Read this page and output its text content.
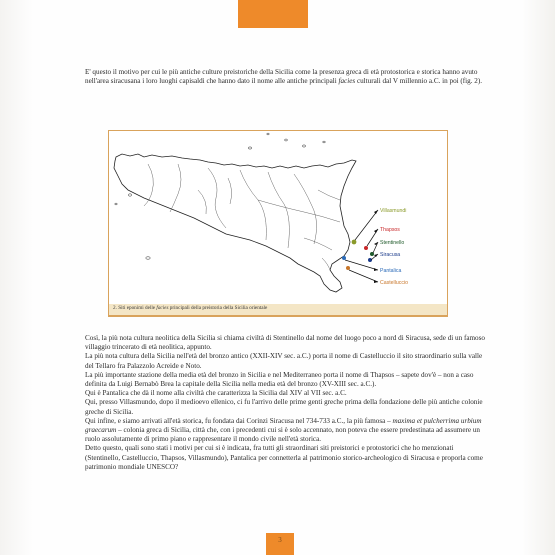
3

E' questo il motivo per cui le più antiche culture preistoriche della Sicilia come la presenza greca di età protostorica e storica hanno avuto nell'area siracusana i loro luoghi capisaldi che hanno dato il nome alle antiche principali facies culturali dal V millennio a.C. in poi (fig. 2).

Villasmundi
Thapsos
Stentinello
Siracusa
Pantalica
Castelluccio
2. Siti eponimi delle facies principali della preistoria della Sicilia orientale
Così, la più nota cultura neolitica della Sicilia si chiama civiltà di Stentinello dal nome del luogo poco a nord di Siracusa, sede di un famoso villaggio trincerato di età neolitica, appunto.
La più nota cultura della Sicilia nell'età del bronzo antico (XXII-XIV sec. a.C.) porta il nome di Castelluccio il sito straordinario sulla valle del Tellaro fra Palazzolo Acreide e Noto.
La più importante stazione della media età del bronzo in Sicilia e nel Mediterraneo porta il nome di Thapsos – sapete dov'è – non a caso definita da Luigi Bernabò Brea la capitale della Sicilia nella media età del bronzo (XV-XIII sec. a.C.).
Qui è Pantalica che dà il nome alla civiltà che caratterizza la Sicilia dal XIV al VII sec. a.C.
Qui, presso Villasmundo, dopo il medioevo ellenico, ci fu l'arrivo delle prime genti greche prima della fondazione delle più antiche colonie greche di Sicilia.
Qui infine, e siamo arrivati all'età storica, fu fondata dai Corinzi Siracusa nel 734-733 a.C., la più famosa – maxima et pulcherrima urbium graecarum – colonia greca di Sicilia, città che, con i precedenti cui si è solo accennato, non poteva che essere predestinata ad assumere un ruolo assolutamente di primo piano e rappresentare il mondo civile nell'età storica.
Detto questo, quali sono stati i motivi per cui si è indicata, fra tutti gli straordinari siti preistorici e protostorici che ho menzionati (Stentinello, Castelluccio, Thapsos, Villasmundo), Pantalica per connetterla al patrimonio storico-archeologico di Siracusa e proporla come patrimonio mondiale UNESCO?
